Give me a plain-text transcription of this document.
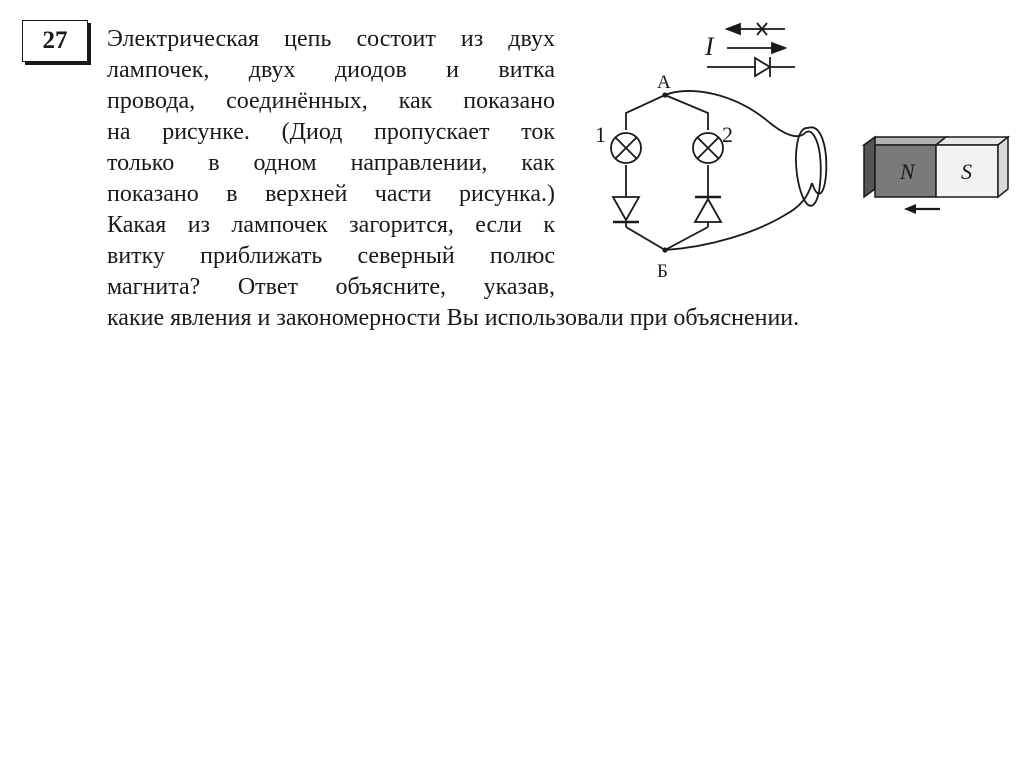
27 Электрическая цепь состоит из двух
лампочек, двух диодов и витка
провода, соединённых, как показано
на рисунке. (Диод пропускает ток
только в одном направлении, как
показано в верхней части рисунка.)
Какая из лампочек загорится, если к
витку приближать северный полюс
магнита? Ответ объясните, указав,
какие явления и закономерности Вы использовали при объяснении.
I
А
Б
1	2
N S
